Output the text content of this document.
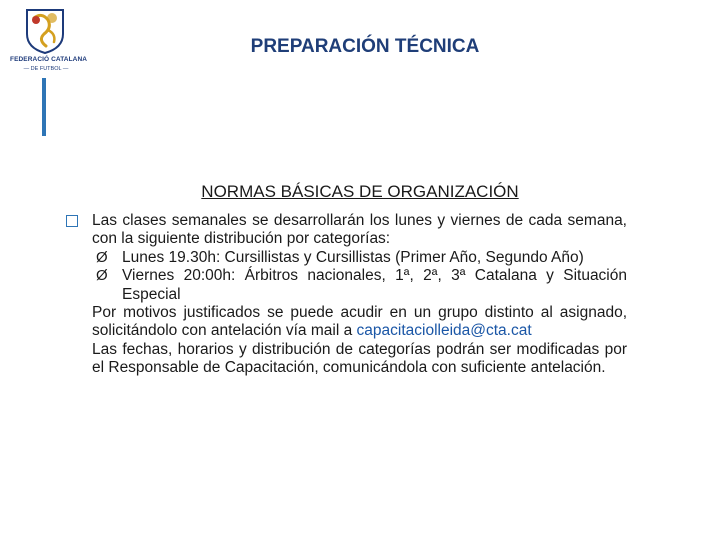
FEDERACIÓ CATALANA
— DE FUTBOL —
PREPARACIÓN TÉCNICA
NORMAS BÁSICAS DE ORGANIZACIÓN

Las clases semanales se desarrollarán los lunes y viernes de cada semana, con la siguiente distribución por categorías:

Ø Lunes 19.30h: Cursillistas y Cursillistas (Primer Año, Segundo Año)
Ø Viernes 20:00h: Árbitros nacionales, 1ª, 2ª, 3ª Catalana y Situación Especial

Por motivos justificados se puede acudir en un grupo distinto al asignado, solicitándolo con antelación vía mail a capacitaciolleida@cta.cat

Las fechas, horarios y distribución de categorías podrán ser modificadas por el Responsable de Capacitación, comunicándola con suficiente antelación.
